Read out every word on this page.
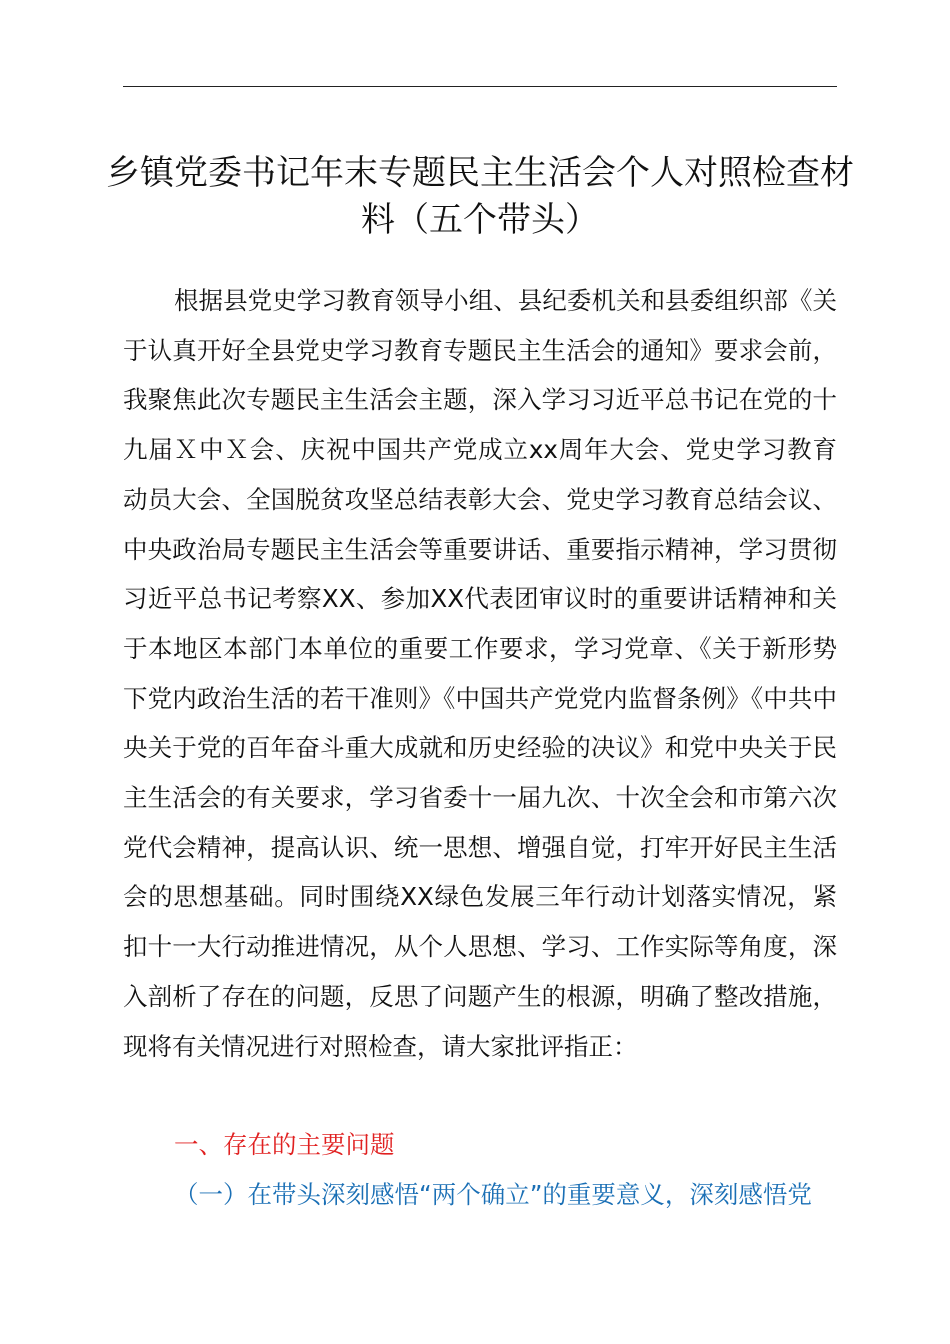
乡镇党委书记年末专题民主生活会个人对照检查材料（五个带头）

根据县党史学习教育领导小组、县纪委机关和县委组织部《关于认真开好全县党史学习教育专题民主生活会的通知》要求会前，我聚焦此次专题民主生活会主题，深入学习习近平总书记在党的十九届Ｘ中Ｘ会、庆祝中国共产党成立xx周年大会、党史学习教育动员大会、全国脱贫攻坚总结表彰大会、党史学习教育总结会议、中央政治局专题民主生活会等重要讲话、重要指示精神，学习贯彻习近平总书记考察XX、参加XX代表团审议时的重要讲话精神和关于本地区本部门本单位的重要工作要求，学习党章、《关于新形势下党内政治生活的若干准则》《中国共产党党内监督条例》《中共中央关于党的百年奋斗重大成就和历史经验的决议》和党中央关于民主生活会的有关要求，学习省委十一届九次、十次全会和市第六次党代会精神，提高认识、统一思想、增强自觉，打牢开好民主生活会的思想基础。同时围绕XX绿色发展三年行动计划落实情况，紧扣十一大行动推进情况，从个人思想、学习、工作实际等角度，深入剖析了存在的问题，反思了问题产生的根源，明确了整改措施，现将有关情况进行对照检查，请大家批评指正：

一、存在的主要问题
（一）在带头深刻感悟“两个确立”的重要意义，深刻感悟党
